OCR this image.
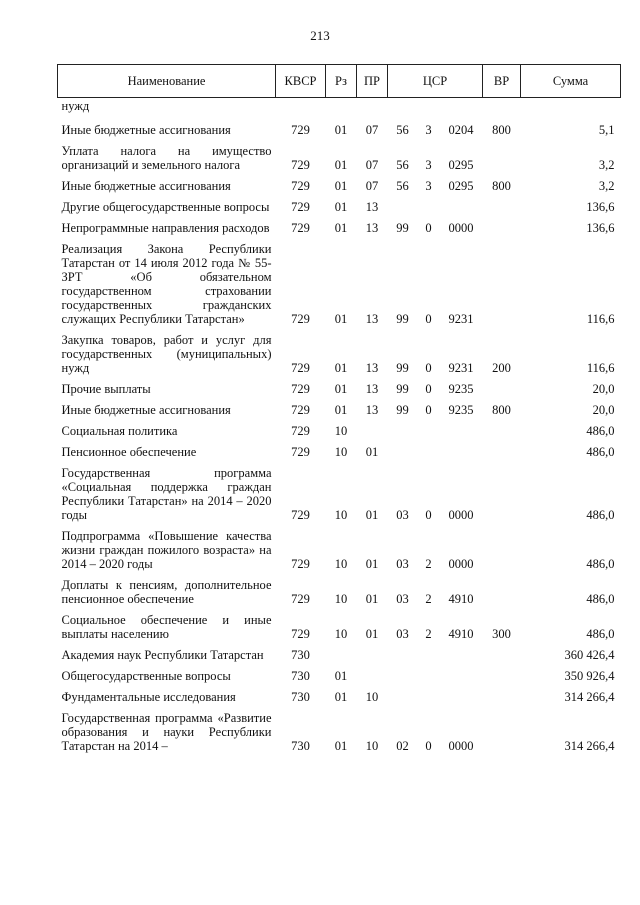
213
Наименование	КВСР	Рз	ПР	ЦСР			ВР	Сумма
нужд								
Иные бюджетные ассигнования	729	01	07	56	3	0204	800	5,1
Уплата налога на имущество организаций и земельного налога	729	01	07	56	3	0295		3,2
Иные бюджетные ассигнования	729	01	07	56	3	0295	800	3,2
Другие общегосударственные вопросы	729	01	13					136,6
Непрограммные направления расходов	729	01	13	99	0	0000		136,6
Реализация Закона Республики Татарстан от 14 июля 2012 года № 55-ЗРТ «Об обязательном государственном страховании государственных гражданских служащих Республики Татарстан»	729	01	13	99	0	9231		116,6
Закупка товаров, работ и услуг для государственных (муниципальных) нужд	729	01	13	99	0	9231	200	116,6
Прочие выплаты	729	01	13	99	0	9235		20,0
Иные бюджетные ассигнования	729	01	13	99	0	9235	800	20,0
Социальная политика	729	10						486,0
Пенсионное обеспечение	729	10	01					486,0
Государственная программа «Социальная поддержка граждан Республики Татарстан» на 2014 – 2020 годы	729	10	01	03	0	0000		486,0
Подпрограмма «Повышение качества жизни граждан пожилого возраста» на 2014 – 2020 годы	729	10	01	03	2	0000		486,0
Доплаты к пенсиям, дополнительное пенсионное обеспечение	729	10	01	03	2	4910		486,0
Социальное обеспечение и иные выплаты населению	729	10	01	03	2	4910	300	486,0
Академия наук Республики Татарстан	730							360 426,4
Общегосударственные вопросы	730	01						350 926,4
Фундаментальные исследования	730	01	10					314 266,4
Государственная программа «Развитие образования и науки Республики Татарстан на 2014 –	730	01	10	02	0	0000		314 266,4
